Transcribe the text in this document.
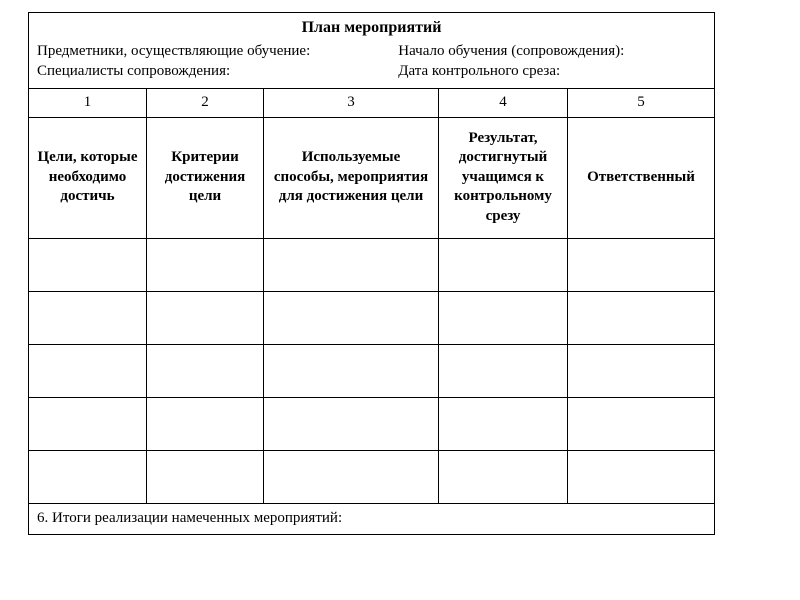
План мероприятий
Предметники, осуществляющие обучение: Начало обучения (сопровождения):
Специалисты сопровождения: Дата контрольного среза:				

1	2	3	4	5
Цели, которые необходимо достичь	Критерии достижения цели	Используемые способы, мероприятия для достижения цели	Результат, достигнутый учащимся к контрольному срезу	Ответственный

6. Итоги реализации намеченных мероприятий:				
